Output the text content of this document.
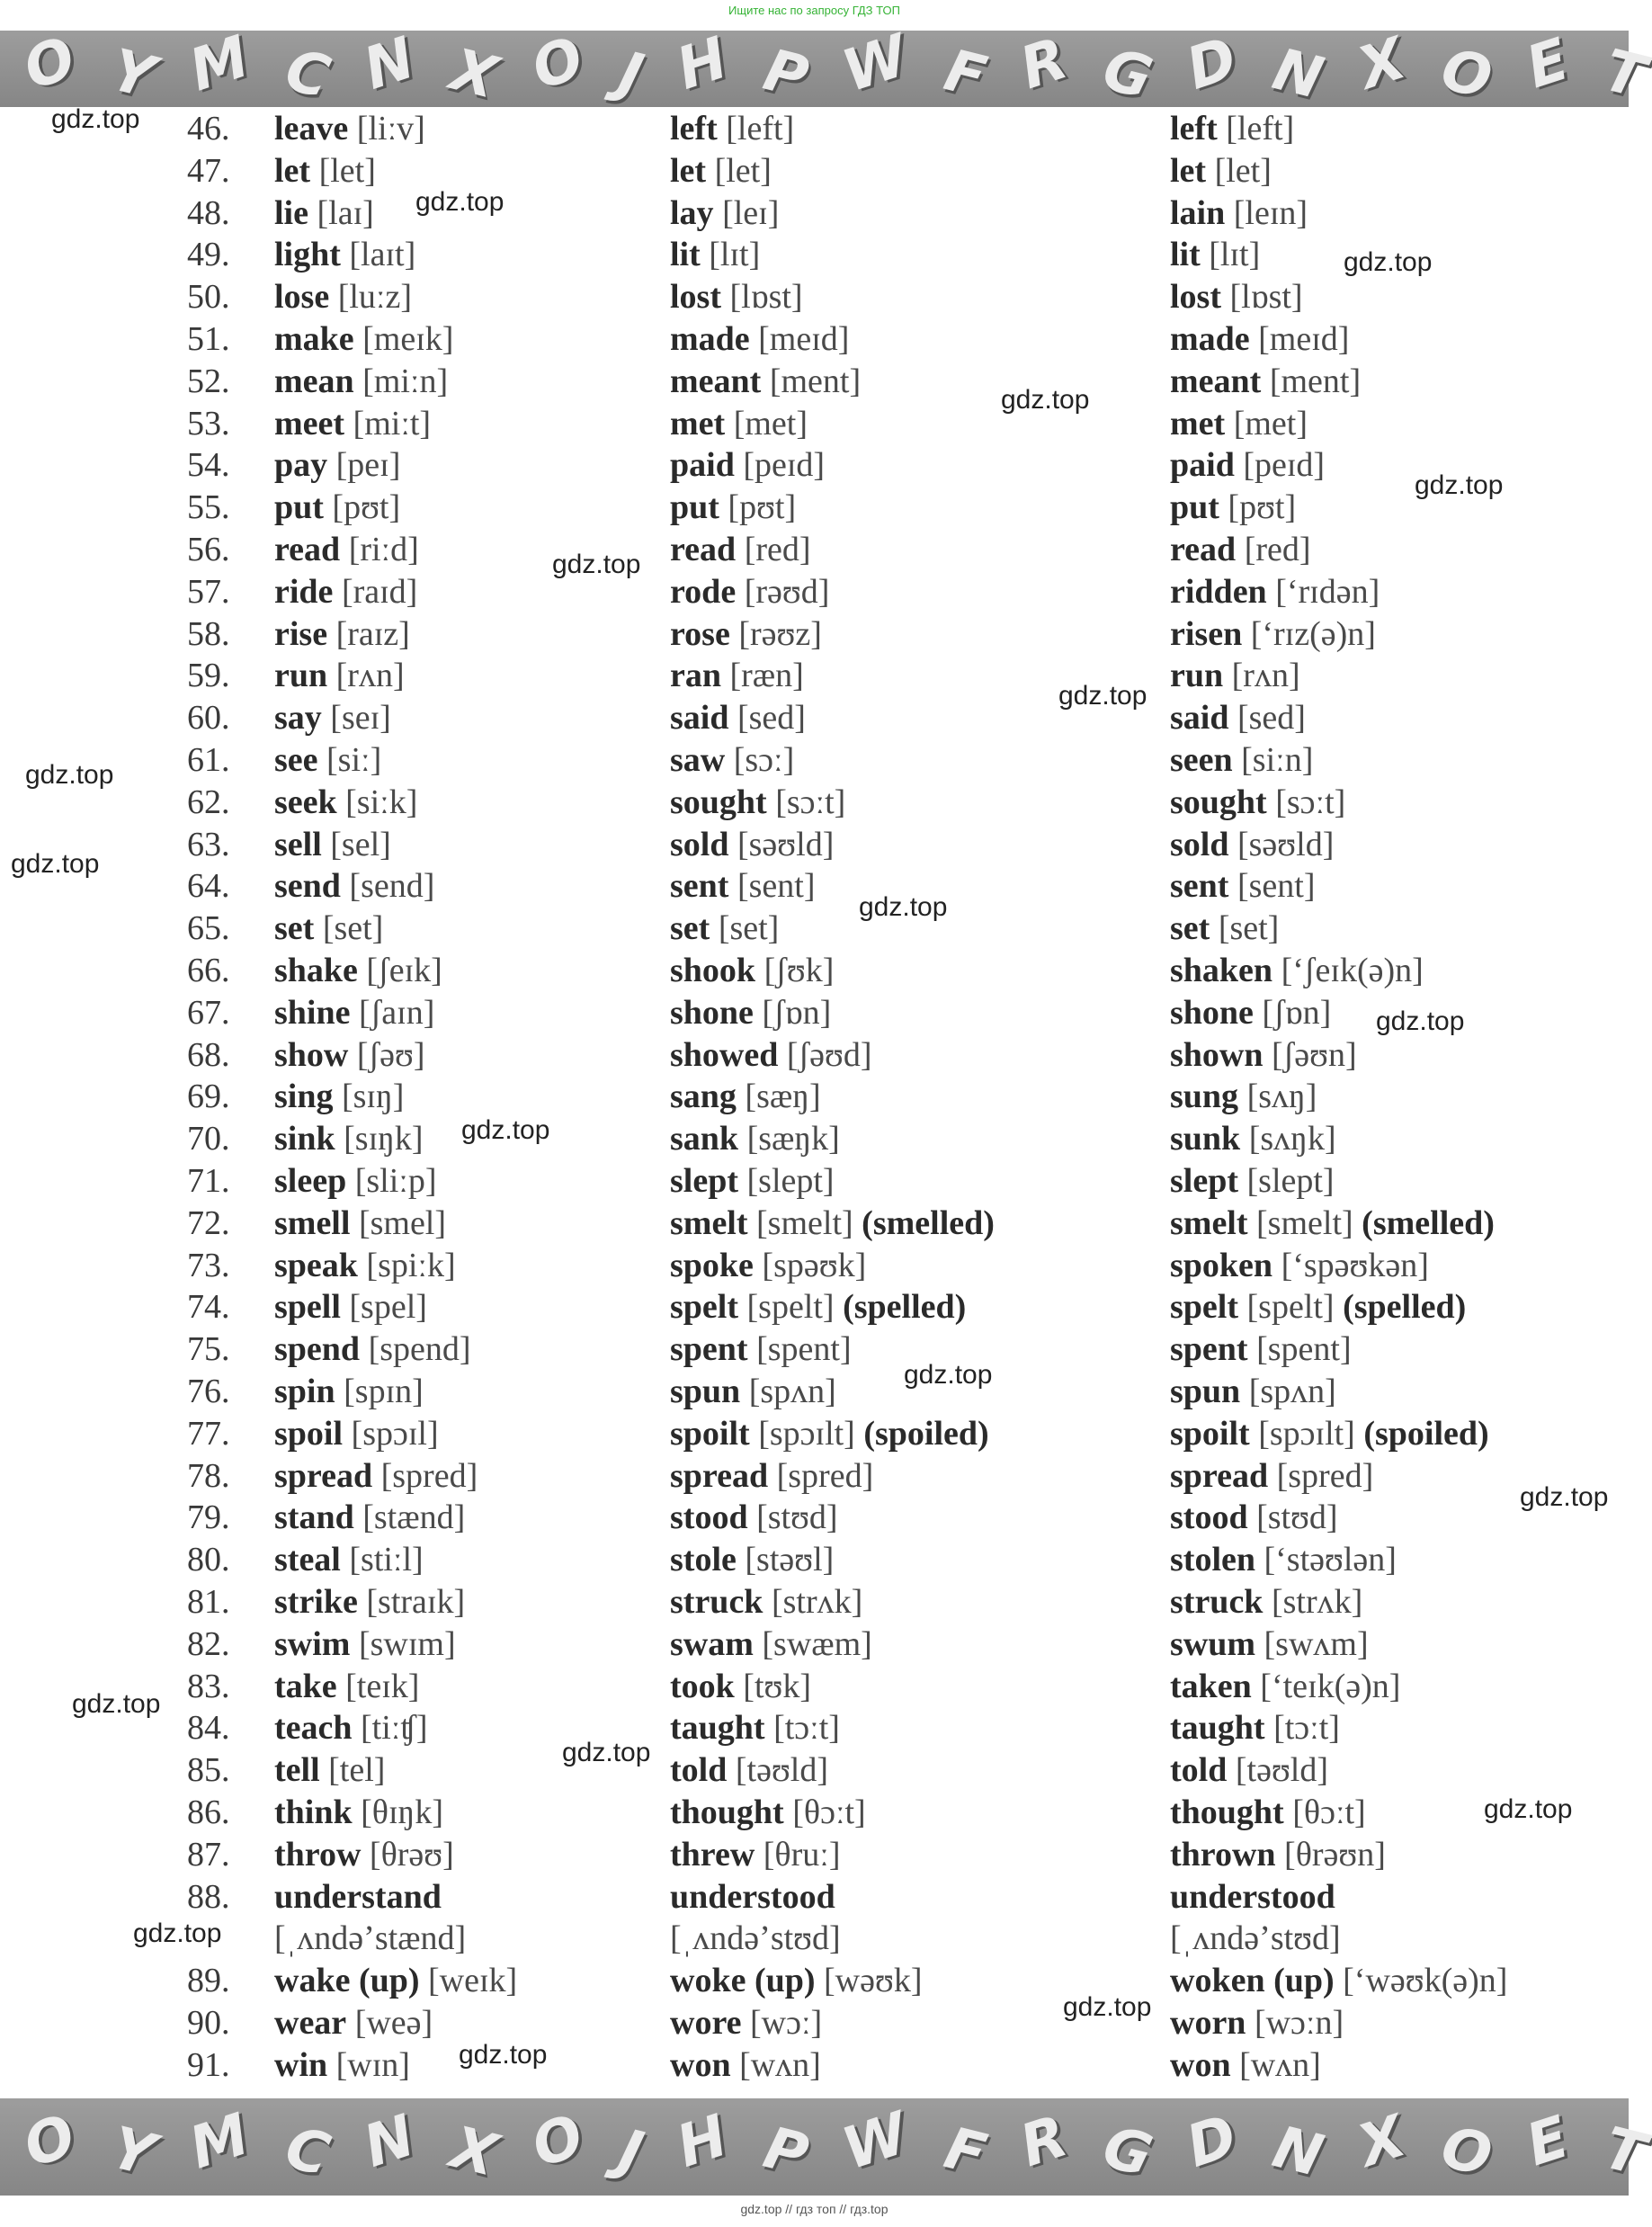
Ищите нас по запросу ГДЗ ТОП
O Y M C N X O J H P W F R G D N X O E T
46. leave [liːv]	left [left]	left [left]
47. let [let]	let [let]	let [let]
48. lie [laɪ]	lay [leɪ]	lain [leɪn]
49. light [laɪt]	lit [lɪt]	lit [lɪt]
50. lose [luːz]	lost [lɒst]	lost [lɒst]
51. make [meɪk]	made [meɪd]	made [meɪd]
52. mean [miːn]	meant [ment]	meant [ment]
53. meet [miːt]	met [met]	met [met]
54. pay [peɪ]	paid [peɪd]	paid [peɪd]
55. put [pʊt]	put [pʊt]	put [pʊt]
56. read [riːd]	read [red]	read [red]
57. ride [raɪd]	rode [rəʊd]	ridden [ʻrɪdən]
58. rise [raɪz]	rose [rəʊz]	risen [ʻrɪz(ə)n]
59. run [rʌn]	ran [ræn]	run [rʌn]
60. say [seɪ]	said [sed]	said [sed]
61. see [siː]	saw [sɔː]	seen [siːn]
62. seek [siːk]	sought [sɔːt]	sought [sɔːt]
63. sell [sel]	sold [səʊld]	sold [səʊld]
64. send [send]	sent [sent]	sent [sent]
65. set [set]	set [set]	set [set]
66. shake [ʃeɪk]	shook [ʃʊk]	shaken [ʻʃeɪk(ə)n]
67. shine [ʃaɪn]	shone [ʃɒn]	shone [ʃɒn]
68. show [ʃəʊ]	showed [ʃəʊd]	shown [ʃəʊn]
69. sing [sɪŋ]	sang [sæŋ]	sung [sʌŋ]
70. sink [sɪŋk]	sank [sæŋk]	sunk [sʌŋk]
71. sleep [sliːp]	slept [slept]	slept [slept]
72. smell [smel]	smelt [smelt] (smelled)	smelt [smelt] (smelled)
73. speak [spiːk]	spoke [spəʊk]	spoken [ʻspəʊkən]
74. spell [spel]	spelt [spelt] (spelled)	spelt [spelt] (spelled)
75. spend [spend]	spent [spent]	spent [spent]
76. spin [spɪn]	spun [spʌn]	spun [spʌn]
77. spoil [spɔɪl]	spoilt [spɔɪlt] (spoiled)	spoilt [spɔɪlt] (spoiled)
78. spread [spred]	spread [spred]	spread [spred]
79. stand [stænd]	stood [stʊd]	stood [stʊd]
80. steal [stiːl]	stole [stəʊl]	stolen [ʻstəʊlən]
81. strike [straɪk]	struck [strʌk]	struck [strʌk]
82. swim [swɪm]	swam [swæm]	swum [swʌm]
83. take [teɪk]	took [tʊk]	taken [ʻteɪk(ə)n]
84. teach [tiːʧ]	taught [tɔːt]	taught [tɔːt]
85. tell [tel]	told [təʊld]	told [təʊld]
86. think [θɪŋk]	thought [θɔːt]	thought [θɔːt]
87. throw [θrəʊ]	threw [θruː]	thrown [θrəʊn]
88. understand	understood	understood
[ˌʌndəʼstænd]	[ˌʌndəʼstʊd]	[ˌʌndəʼstʊd]
89. wake (up) [weɪk]	woke (up) [wəʊk]	woken (up) [ʻwəʊk(ə)n]
90. wear [weə]	wore [wɔː]	worn [wɔːn]
91. win [wɪn]	won [wʌn]	won [wʌn]
gdz.top
gdz.top
gdz.top
gdz.top
gdz.top
gdz.top
gdz.top
gdz.top
gdz.top
gdz.top
gdz.top
gdz.top
gdz.top
gdz.top
gdz.top
gdz.top
gdz.top
gdz.top
gdz.top
gdz.top
O Y M C N X O J H P W F R G D N X O E T
gdz.top // гдз топ // гдз.top
